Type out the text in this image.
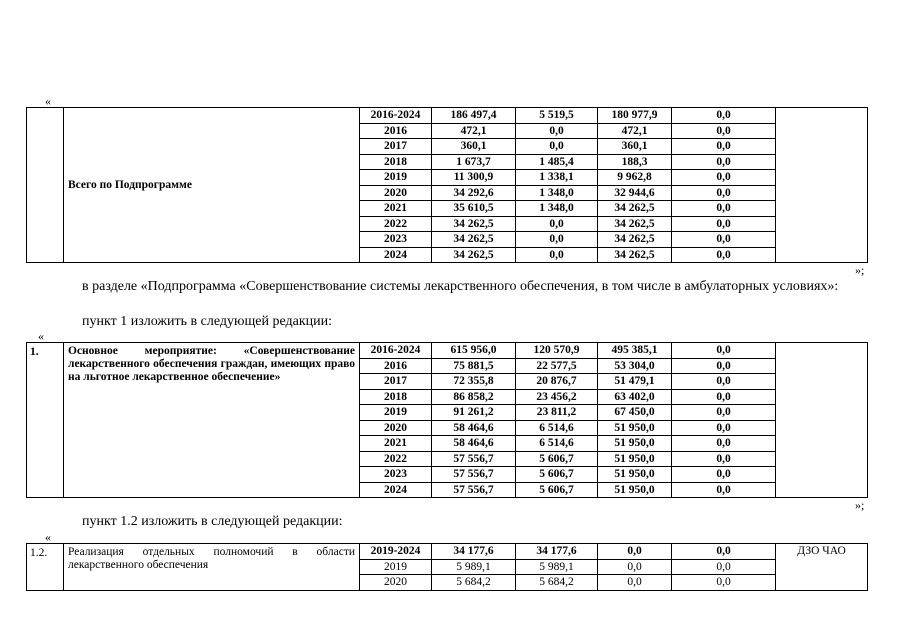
«
	Всего по Подпрограмме	2016-2024	186 497,4	5 519,5	180 977,9	0,0	
		2016	472,1	0,0	472,1	0,0	
		2017	360,1	0,0	360,1	0,0	
		2018	1 673,7	1 485,4	188,3	0,0	
		2019	11 300,9	1 338,1	9 962,8	0,0	
		2020	34 292,6	1 348,0	32 944,6	0,0	
		2021	35 610,5	1 348,0	34 262,5	0,0	
		2022	34 262,5	0,0	34 262,5	0,0	
		2023	34 262,5	0,0	34 262,5	0,0	
		2024	34 262,5	0,0	34 262,5	0,0	
»;
в разделе «Подпрограмма «Совершенствование системы лекарственного обеспечения, в том числе в амбулаторных условиях»:
пункт 1 изложить в следующей редакции:
«
1.	Основное мероприятие: «Совершенствование лекарственного обеспечения граждан, имеющих право на льготное лекарственное обеспечение»	2016-2024	615 956,0	120 570,9	495 385,1	0,0	
		2016	75 881,5	22 577,5	53 304,0	0,0	
		2017	72 355,8	20 876,7	51 479,1	0,0	
		2018	86 858,2	23 456,2	63 402,0	0,0	
		2019	91 261,2	23 811,2	67 450,0	0,0	
		2020	58 464,6	6 514,6	51 950,0	0,0	
		2021	58 464,6	6 514,6	51 950,0	0,0	
		2022	57 556,7	5 606,7	51 950,0	0,0	
		2023	57 556,7	5 606,7	51 950,0	0,0	
		2024	57 556,7	5 606,7	51 950,0	0,0	
»;
пункт 1.2 изложить в следующей редакции:
«
1.2.	Реализация отдельных полномочий в области лекарственного обеспечения	2019-2024	34 177,6	34 177,6	0,0	0,0	ДЗО ЧАО
		2019	5 989,1	5 989,1	0,0	0,0	
		2020	5 684,2	5 684,2	0,0	0,0	
